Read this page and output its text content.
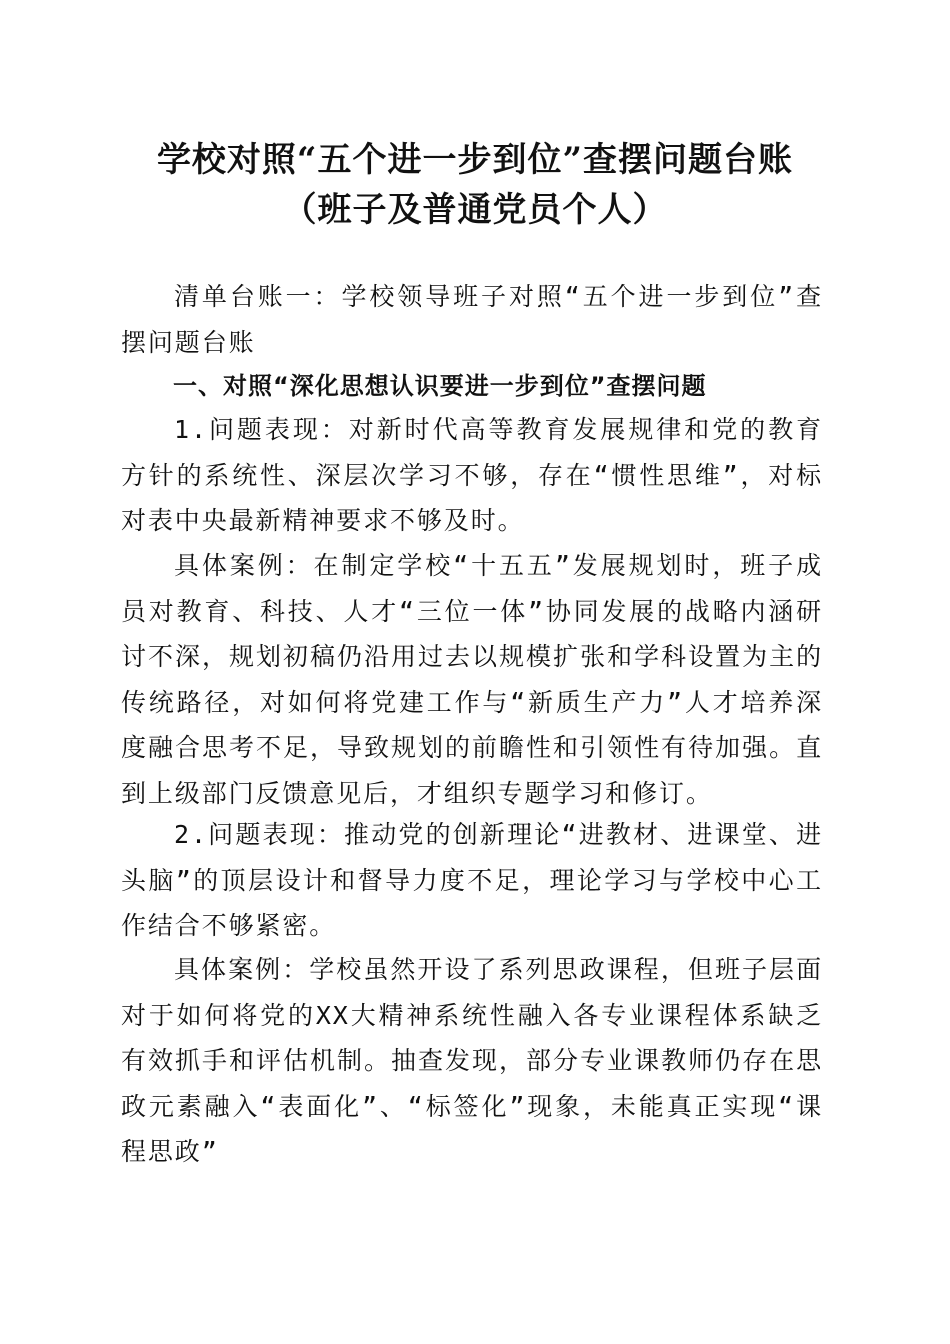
学校对照“五个进一步到位”查摆问题台账
（班子及普通党员个人）

清单台账一：学校领导班子对照“五个进一步到位”查摆问题台账

一、对照“深化思想认识要进一步到位”查摆问题

1.问题表现：对新时代高等教育发展规律和党的教育方针的系统性、深层次学习不够，存在“惯性思维”，对标对表中央最新精神要求不够及时。

具体案例：在制定学校“十五五”发展规划时，班子成员对教育、科技、人才“三位一体”协同发展的战略内涵研讨不深，规划初稿仍沿用过去以规模扩张和学科设置为主的传统路径，对如何将党建工作与“新质生产力”人才培养深度融合思考不足，导致规划的前瞻性和引领性有待加强。直到上级部门反馈意见后，才组织专题学习和修订。

2.问题表现：推动党的创新理论“进教材、进课堂、进头脑”的顶层设计和督导力度不足，理论学习与学校中心工作结合不够紧密。

具体案例：学校虽然开设了系列思政课程，但班子层面对于如何将党的XX大精神系统性融入各专业课程体系缺乏有效抓手和评估机制。抽查发现，部分专业课教师仍存在思政元素融入“表面化”、“标签化”现象，未能真正实现“课程思政”
